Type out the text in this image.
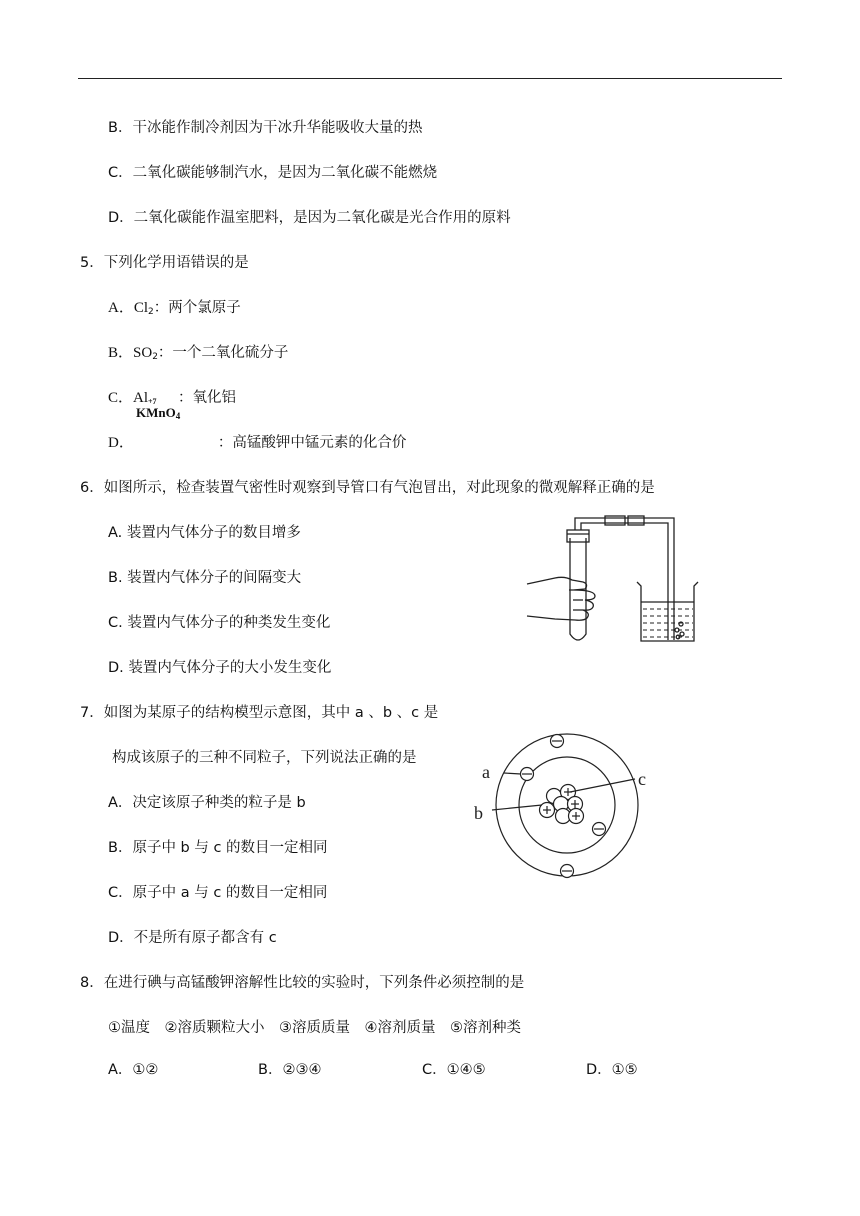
B．干冰能作制冷剂因为干冰升华能吸收大量的热
C．二氧化碳能够制汽水，是因为二氧化碳不能燃烧
D．二氧化碳能作温室肥料，是因为二氧化碳是光合作用的原料
5．下列化学用语错误的是
A．$Cl_2$：两个氯原子
B．$SO_2$：一个二氧化硫分子
C．Al ：氧化铝
+7
KMnO$_4$
D．	：高锰酸钾中锰元素的化合价
6．如图所示，检查装置气密性时观察到导管口有气泡冒出，对此现象的微观解释正确的是
A. 装置内气体分子的数目增多
B. 装置内气体分子的间隔变大
C. 装置内气体分子的种类发生变化
D. 装置内气体分子的大小发生变化
7．如图为某原子的结构模型示意图，其中 a 、b 、c 是
构成该原子的三种不同粒子，下列说法正确的是
A．决定该原子种类的粒子是 b
B．原子中 b 与 c 的数目一定相同
C．原子中 a 与 c 的数目一定相同
D．不是所有原子都含有 c
a	c
b
8．在进行碘与高锰酸钾溶解性比较的实验时，下列条件必须控制的是
①温度　②溶质颗粒大小　③溶质质量　④溶剂质量　⑤溶剂种类
A．①②	B．②③④	C．①④⑤	D．①⑤
